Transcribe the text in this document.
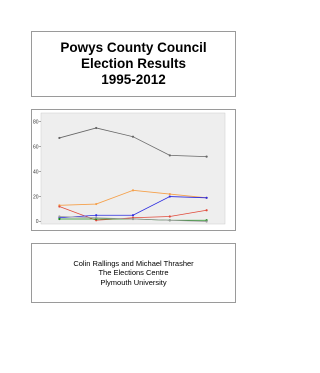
Powys County Council
Election Results
1995-2012
0
20
40
60
80
Colin Rallings and Michael Thrasher
The Elections Centre
Plymouth University
